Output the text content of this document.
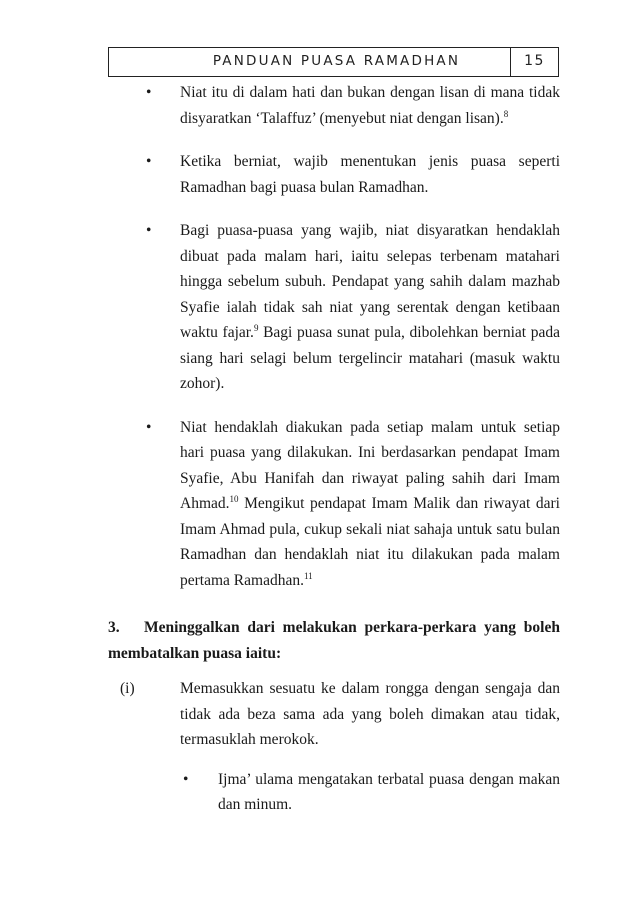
PANDUAN PUASA RAMADHAN	15
• Niat itu di dalam hati dan bukan dengan lisan di mana tidak disyaratkan ‘Talaffuz’ (menyebut niat dengan lisan).$^8$
• Ketika berniat, wajib menentukan jenis puasa seperti Ramadhan bagi puasa bulan Ramadhan.
• Bagi puasa-puasa yang wajib, niat disyaratkan hendaklah dibuat pada malam hari, iaitu selepas terbenam matahari hingga sebelum subuh. Pendapat yang sahih dalam mazhab Syafie ialah tidak sah niat yang serentak dengan ketibaan waktu fajar.$^9$ Bagi puasa sunat pula, dibolehkan berniat pada siang hari selagi belum tergelincir matahari (masuk waktu zohor).
• Niat hendaklah diakukan pada setiap malam untuk setiap hari puasa yang dilakukan. Ini berdasarkan pendapat Imam Syafie, Abu Hanifah dan riwayat paling sahih dari Imam Ahmad.$^{10}$ Mengikut pendapat Imam Malik dan riwayat dari Imam Ahmad pula, cukup sekali niat sahaja untuk satu bulan Ramadhan dan hendaklah niat itu dilakukan pada malam pertama Ramadhan.$^{11}$
3. Meninggalkan dari melakukan perkara-perkara yang boleh membatalkan puasa iaitu:
(i)	Memasukkan sesuatu ke dalam rongga dengan sengaja dan tidak ada beza sama ada yang boleh dimakan atau tidak, termasuklah merokok.
• Ijma’ ulama mengatakan terbatal puasa dengan makan dan minum.
